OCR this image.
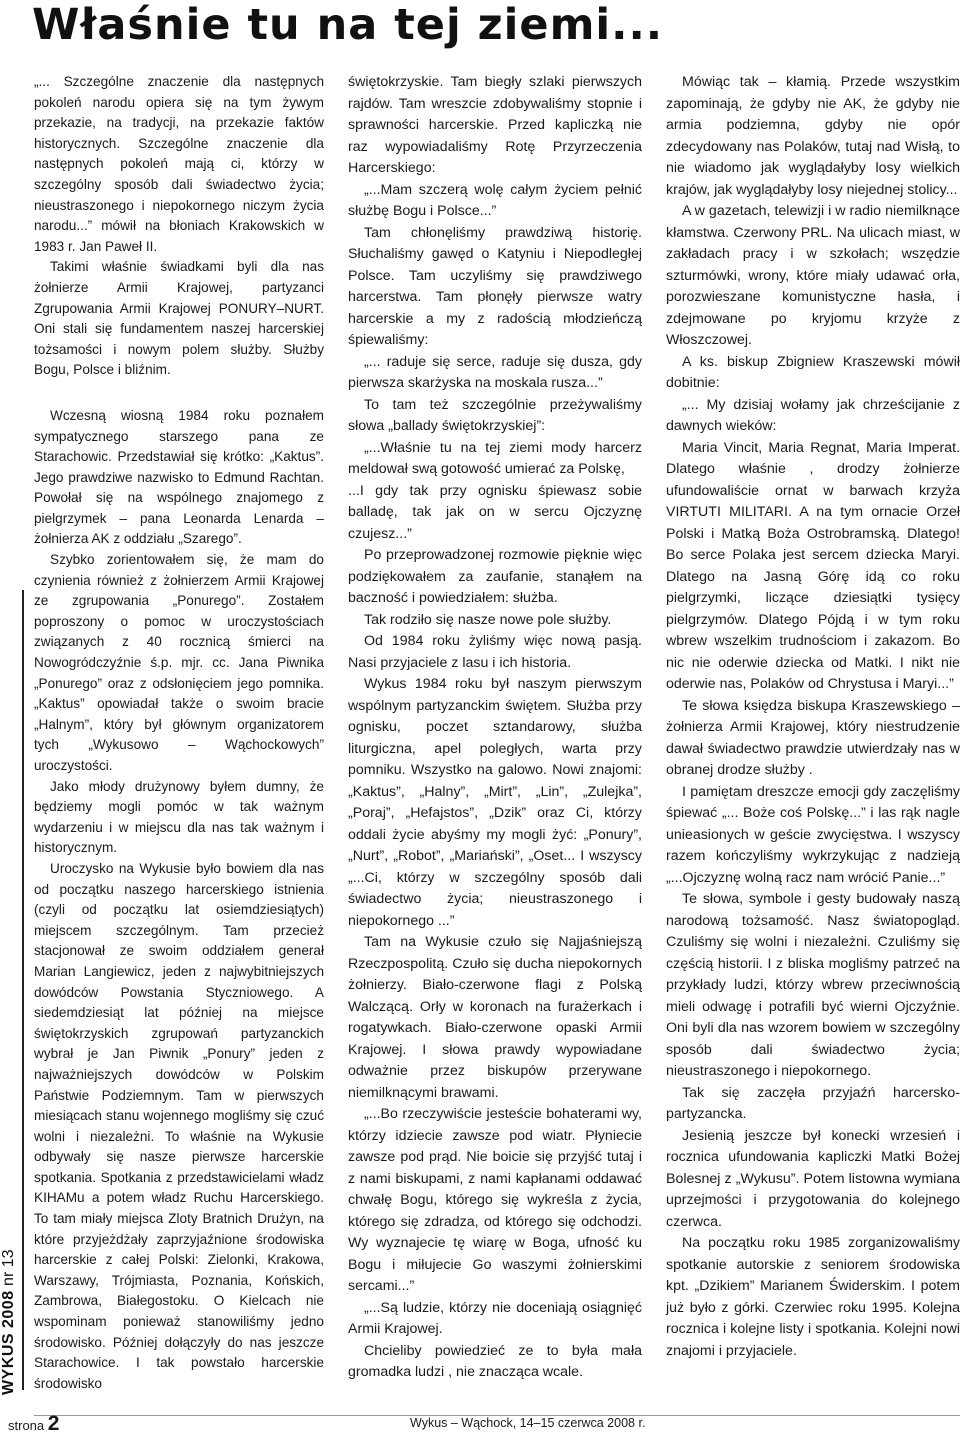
Właśnie tu na tej ziemi...

„... Szczególne znaczenie dla następnych pokoleń narodu opiera się na tym żywym przekazie, na tradycji, na przekazie faktów historycznych. Szczególne znaczenie dla następnych pokoleń mają ci, którzy w szczególny sposób dali świadectwo życia; nieustraszonego i niepokornego niczym życia narodu...” mówił na błoniach Krakowskich w 1983 r. Jan Paweł II.

Takimi właśnie świadkami byli dla nas żołnierze Armii Krajowej, partyzanci Zgrupowania Armii Krajowej PONURY–NURT. Oni stali się fundamentem naszej harcerskiej tożsamości i nowym polem służby. Służby Bogu, Polsce i bliźnim.

Wczesną wiosną 1984 roku poznałem sympatycznego starszego pana ze Starachowic. Przedstawiał się krótko: „Kaktus”. Jego prawdziwe nazwisko to Edmund Rachtan. Powołał się na wspólnego znajomego z pielgrzymek – pana Leonarda Lenarda – żołnierza AK z oddziału „Szarego”.

Szybko zorientowałem się, że mam do czynienia również z żołnierzem Armii Krajowej ze zgrupowania „Ponurego”. Zostałem poproszony o pomoc w uroczystościach związanych z 40 rocznicą śmierci na Nowogródczyźnie ś.p. mjr. cc. Jana Piwnika „Ponurego” oraz z odsłonięciem jego pomnika. „Kaktus” opowiadał także o swoim bracie „Halnym”, który był głównym organizatorem tych „Wykusowo – Wąchockowych” uroczystości.

Jako młody drużynowy byłem dumny, że będziemy mogli pomóc w tak ważnym wydarzeniu i w miejscu dla nas tak ważnym i historycznym.

Uroczysko na Wykusie było bowiem dla nas od początku naszego harcerskiego istnienia (czyli od początku lat osiemdziesiątych) miejscem szczególnym. Tam przecież stacjonował ze swoim oddziałem generał Marian Langiewicz, jeden z najwybitniejszych dowódców Powstania Styczniowego. A siedemdziesiąt lat później na miejsce świętokrzyskich zgrupowań partyzanckich wybrał je Jan Piwnik „Ponury” jeden z najważniejszych dowódców w Polskim Państwie Podziemnym. Tam w pierwszych miesiącach stanu wojennego mogliśmy się czuć wolni i niezależni. To właśnie na Wykusie odbywały się nasze pierwsze harcerskie spotkania. Spotkania z przedstawicielami władz KIHAMu a potem władz Ruchu Harcerskiego. To tam miały miejsca Zloty Bratnich Drużyn, na które przyjeżdżały zaprzyjaźnione środowiska harcerskie z całej Polski: Zielonki, Krakowa, Warszawy, Trójmiasta, Poznania, Końskich, Zambrowa, Białegostoku. O Kielcach nie wspominam ponieważ stanowiliśmy jedno środowisko. Później dołączyły do nas jeszcze Starachowice. I tak powstało harcerskie środowisko

świętokrzyskie. Tam biegły szlaki pierwszych rajdów. Tam wreszcie zdobywaliśmy stopnie i sprawności harcerskie. Przed kapliczką nie raz wypowiadaliśmy Rotę Przyrzeczenia Harcerskiego:

„...Mam szczerą wolę całym życiem pełnić służbę Bogu i Polsce...”

Tam chłonęliśmy prawdziwą historię. Słuchaliśmy gawęd o Katyniu i Niepodległej Polsce. Tam uczyliśmy się prawdziwego harcerstwa. Tam płonęły pierwsze watry harcerskie a my z radością młodzieńczą śpiewaliśmy:

„... raduje się serce, raduje się dusza, gdy pierwsza skarżyska na moskala rusza...”

To tam też szczególnie przeżywaliśmy słowa „ballady świętokrzyskiej”:

„...Właśnie tu na tej ziemi mody harcerz meldował swą gotowość umierać za Polskę,

...I gdy tak przy ognisku śpiewasz sobie balladę, tak jak on w sercu Ojczyznę czujesz...”

Po przeprowadzonej rozmowie pięknie więc podziękowałem za zaufanie, stanąłem na baczność i powiedziałem: służba.

Tak rodziło się nasze nowe pole służby.

Od 1984 roku żyliśmy więc nową pasją. Nasi przyjaciele z lasu i ich historia.

Wykus 1984 roku był naszym pierwszym wspólnym partyzanckim świętem. Służba przy ognisku, poczet sztandarowy, służba liturgiczna, apel poległych, warta przy pomniku. Wszystko na galowo. Nowi znajomi: „Kaktus”, „Halny”, „Mirt”, „Lin”, „Zulejka”, „Poraj”, „Hefajstos”, „Dzik” oraz Ci, którzy oddali życie abyśmy my mogli żyć: „Ponury”, „Nurt”, „Robot”, „Mariański”, „Oset... I wszyscy „...Ci, którzy w szczególny sposób dali świadectwo życia; nieustraszonego i niepokornego ...”

Tam na Wykusie czuło się Najjaśniejszą Rzeczpospolitą. Czuło się ducha niepokornych żołnierzy. Biało-czerwone flagi z Polską Walczącą. Orły w koronach na furażerkach i rogatywkach. Biało-czerwone opaski Armii Krajowej. I słowa prawdy wypowiadane odważnie przez biskupów przerywane niemilknącymi brawami.

„...Bo rzeczywiście jesteście bohaterami wy, którzy idziecie zawsze pod wiatr. Płyniecie zawsze pod prąd. Nie boicie się przyjść tutaj i z nami biskupami, z nami kapłanami oddawać chwałę Bogu, którego się wykreśla z życia, którego się zdradza, od którego się odchodzi. Wy wyznajecie tę wiarę w Boga, ufność ku Bogu i miłujecie Go waszymi żołnierskimi sercami...”

„...Są ludzie, którzy nie doceniają osiągnięć Armii Krajowej.

Chcieliby powiedzieć ze to była mała gromadka ludzi , nie znacząca wcale.

Mówiąc tak – kłamią. Przede wszystkim zapominają, że gdyby nie AK, że gdyby nie armia podziemna, gdyby nie opór zdecydowany nas Polaków, tutaj nad Wisłą, to nie wiadomo jak wyglądałyby losy wielkich krajów, jak wyglądałyby losy niejednej stolicy...

A w gazetach, telewizji i w radio niemilknące kłamstwa. Czerwony PRL. Na ulicach miast, w zakładach pracy i w szkołach; wszędzie szturmówki, wrony, które miały udawać orła, porozwieszane komunistyczne hasła, i zdejmowane po kryjomu krzyże z Włoszczowej.

A ks. biskup Zbigniew Kraszewski mówił dobitnie:

„... My dzisiaj wołamy jak chrześcijanie z dawnych wieków:

Maria Vincit, Maria Regnat, Maria Imperat. Dlatego właśnie , drodzy żołnierze ufundowaliście ornat w barwach krzyża VIRTUTI MILITARI. A na tym ornacie Orzeł Polski i Matką Boża Ostrobramską. Dlatego! Bo serce Polaka jest sercem dziecka Maryi. Dlatego na Jasną Górę idą co roku pielgrzymki, liczące dziesiątki tysięcy pielgrzymów. Dlatego Pójdą i w tym roku wbrew wszelkim trudnościom i zakazom. Bo nic nie oderwie dziecka od Matki. I nikt nie oderwie nas, Polaków od Chrystusa i Maryi...”

Te słowa księdza biskupa Kraszewskiego – żołnierza Armii Krajowej, który niestrudzenie dawał świadectwo prawdzie utwierdzały nas w obranej drodze służby .

I pamiętam dreszcze emocji gdy zaczęliśmy śpiewać „... Boże coś Polskę...” i las rąk nagle unieasionych w geście zwycięstwa. I wszyscy razem kończyliśmy wykrzykując z nadzieją „...Ojczyznę wolną racz nam wrócić Panie...”

Te słowa, symbole i gesty budowały naszą narodową tożsamość. Nasz światopogląd. Czuliśmy się wolni i niezależni. Czuliśmy się częścią historii. I z bliska mogliśmy patrzeć na przykłady ludzi, którzy wbrew przeciwnością mieli odwagę i potrafili być wierni Ojczyźnie. Oni byli dla nas wzorem bowiem w szczególny sposób dali świadectwo życia; nieustraszonego i niepokornego.

Tak się zaczęła przyjaźń harcersko-partyzancka.

Jesienią jeszcze był konecki wrzesień i rocznica ufundowania kapliczki Matki Bożej Bolesnej z „Wykusu”. Potem listowna wymiana uprzejmości i przygotowania do kolejnego czerwca.

Na początku roku 1985 zorganizowaliśmy spotkanie autorskie z seniorem środowiska kpt. „Dzikiem” Marianem Świderskim. I potem już było z górki. Czerwiec roku 1995. Kolejna rocznica i kolejne listy i spotkania. Kolejni nowi znajomi i przyjaciele.

WYKUS 2008 nr 13
strona 2	Wykus – Wąchock, 14–15 czerwca 2008 r.
